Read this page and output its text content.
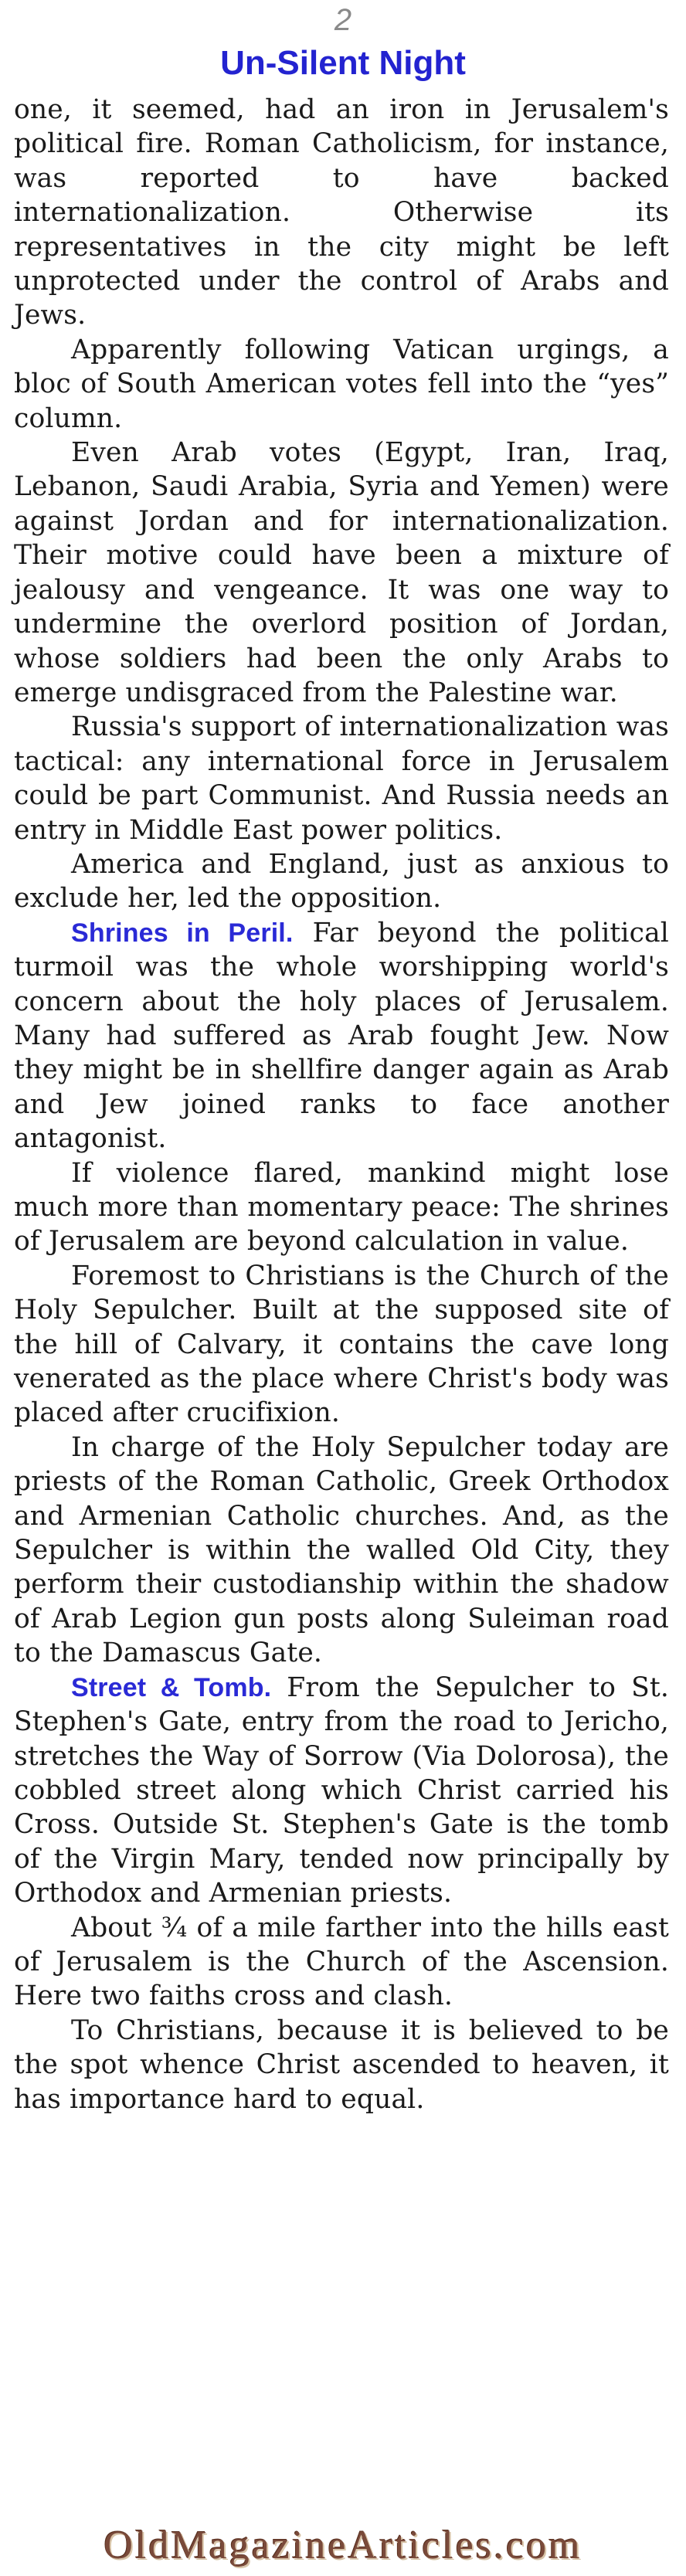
2
Un-Silent Night

one, it seemed, had an iron in Jerusalem's political fire. Roman Catholicism, for instance, was reported to have backed internationalization. Otherwise its representatives in the city might be left unprotected under the control of Arabs and Jews.

Apparently following Vatican urgings, a bloc of South American votes fell into the “yes” column.

Even Arab votes (Egypt, Iran, Iraq, Lebanon, Saudi Arabia, Syria and Yemen) were against Jordan and for internationalization. Their motive could have been a mixture of jealousy and vengeance. It was one way to undermine the overlord position of Jordan, whose soldiers had been the only Arabs to emerge undisgraced from the Palestine war.

Russia's support of internationalization was tactical: any international force in Jerusalem could be part Communist. And Russia needs an entry in Middle East power politics.

America and England, just as anxious to exclude her, led the opposition.

Shrines in Peril. Far beyond the political turmoil was the whole worshipping world's concern about the holy places of Jerusalem. Many had suffered as Arab fought Jew. Now they might be in shellfire danger again as Arab and Jew joined ranks to face another antagonist.

If violence flared, mankind might lose much more than momentary peace: The shrines of Jerusalem are beyond calculation in value.

Foremost to Christians is the Church of the Holy Sepulcher. Built at the supposed site of the hill of Calvary, it contains the cave long venerated as the place where Christ's body was placed after crucifixion.

In charge of the Holy Sepulcher today are priests of the Roman Catholic, Greek Orthodox and Armenian Catholic churches. And, as the Sepulcher is within the walled Old City, they perform their custodianship within the shadow of Arab Legion gun posts along Suleiman road to the Damascus Gate.

Street & Tomb. From the Sepulcher to St. Stephen's Gate, entry from the road to Jericho, stretches the Way of Sorrow (Via Dolorosa), the cobbled street along which Christ carried his Cross. Outside St. Stephen's Gate is the tomb of the Virgin Mary, tended now principally by Orthodox and Armenian priests.

About ¾ of a mile farther into the hills east of Jerusalem is the Church of the Ascension. Here two faiths cross and clash.

To Christians, because it is believed to be the spot whence Christ ascended to heaven, it has importance hard to equal.

OldMagazineArticles.com
